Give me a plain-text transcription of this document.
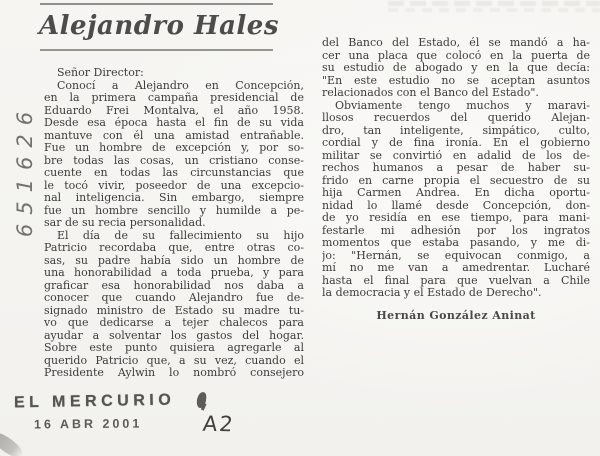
Alejandro Hales
651626
Señor Director:
Conocí a Alejandro en Concepción,
en la primera campaña presidencial de
Eduardo Frei Montalva, el año 1958.
Desde esa época hasta el fin de su vida
mantuve con él una amistad entrañable.
Fue un hombre de excepción y, por so-
bre todas las cosas, un cristiano conse-
cuente en todas las circunstancias que
le tocó vivir, poseedor de una excepcio-
nal inteligencia. Sin embargo, siempre
fue un hombre sencillo y humilde a pe-
sar de su recia personalidad.
El día de su fallecimiento su hijo
Patricio recordaba que, entre otras co-
sas, su padre había sido un hombre de
una honorabilidad a toda prueba, y para
graficar esa honorabilidad nos daba a
conocer que cuando Alejandro fue de-
signado ministro de Estado su madre tu-
vo que dedicarse a tejer chalecos para
ayudar a solventar los gastos del hogar.
Sobre este punto quisiera agregarle al
querido Patricio que, a su vez, cuando el
Presidente Aylwin lo nombró consejero
del Banco del Estado, él se mandó a ha-
cer una placa que colocó en la puerta de
su estudio de abogado y en la que decía:
"En este estudio no se aceptan asuntos
relacionados con el Banco del Estado".
Obviamente tengo muchos y maravi-
llosos recuerdos del querido Alejan-
dro, tan inteligente, simpático, culto,
cordial y de fina ironía. En el gobierno
militar se convirtió en adalid de los de-
rechos humanos a pesar de haber su-
frido en carne propia el secuestro de su
hija Carmen Andrea. En dicha oportu-
nidad lo llamé desde Concepción, don-
de yo residía en ese tiempo, para mani-
festarle mi adhesión por los ingratos
momentos que estaba pasando, y me di-
jo: "Hernán, se equivocan conmigo, a
mí no me van a amedrentar. Lucharé
hasta el final para que vuelvan a Chile
la democracia y el Estado de Derecho".
Hernán González Aninat
EL MERCURIO
16 ABR 2001	A2
